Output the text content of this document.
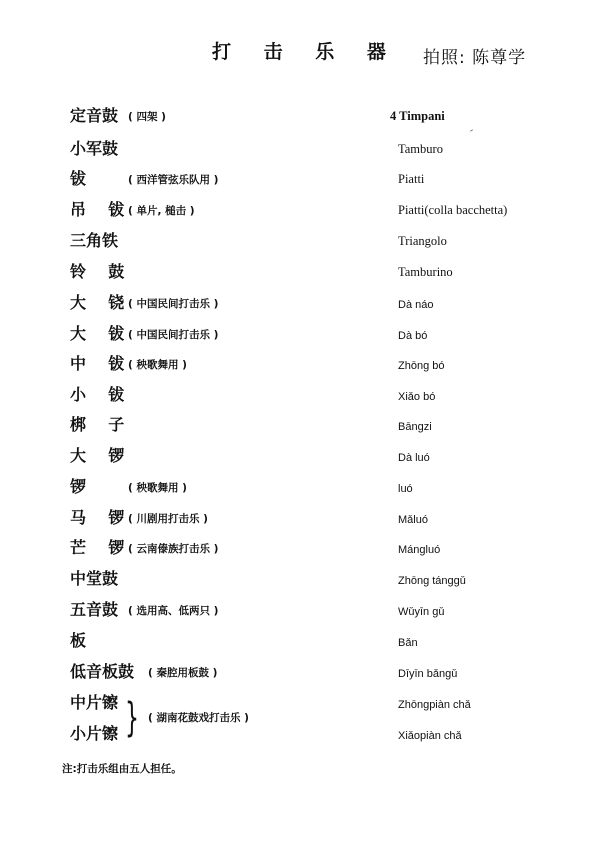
打 击 乐 器 拍照: 陈尊学
定音鼓 ( 四架 )	4 Timpani
小军鼓	Tamburo
钹	( 西洋管弦乐队用 )	Piatti
吊    钹 ( 单片, 槌击 )	Piatti(colla bacchetta)
三角铁	Triangolo
铃    鼓	Tamburino
大    铙 ( 中国民间打击乐 )	Dà náo
大    钹 ( 中国民间打击乐 )	Dà bó
中    钹 ( 秧歌舞用 )	Zhōng bó
小    钹	Xiǎo bó
梆    子	Bāngzi
大    锣	Dà luó
锣	( 秧歌舞用 )	luó
马    锣 ( 川剧用打击乐 )	Mǎluó
芒    锣 ( 云南傣族打击乐 )	Mángluó
中堂鼓	Zhōng tánggǔ
五音鼓 ( 选用高、低两只 )	Wǔyīn gǔ
板	Bǎn
低音板鼓 ( 秦腔用板鼓 )	Dīyīn bǎngǔ
中片镲	Zhōngpiàn chǎ
小片镲	Xiǎopiàn chǎ
} ( 湖南花鼓戏打击乐 )
注:打击乐组由五人担任。
